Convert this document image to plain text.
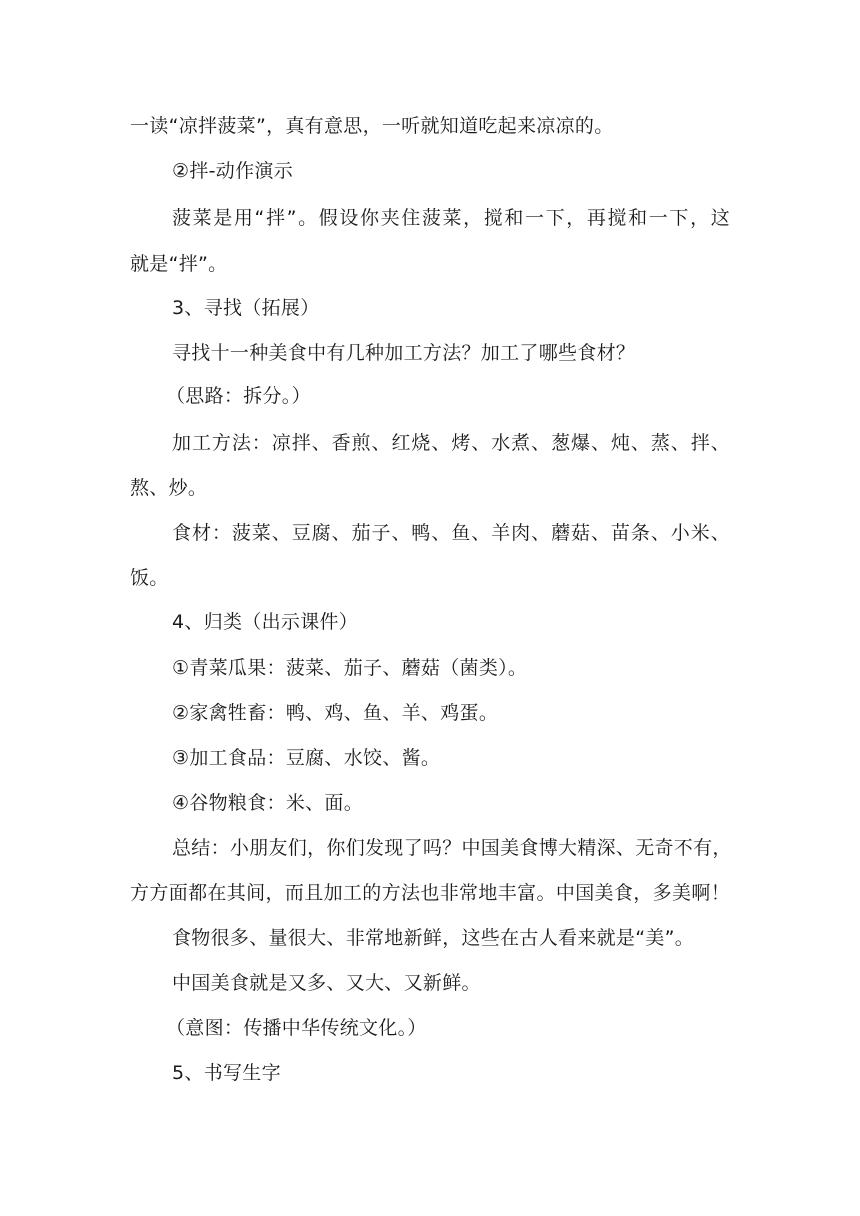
一读“凉拌菠菜”，真有意思，一听就知道吃起来凉凉的。
②拌-动作演示
菠菜是用“拌”。假设你夹住菠菜，搅和一下，再搅和一下，这
就是“拌”。
3、寻找（拓展）
寻找十一种美食中有几种加工方法？加工了哪些食材？
（思路：拆分。）
加工方法：凉拌、香煎、红烧、烤、水煮、葱爆、炖、蒸、拌、
熬、炒。
食材：菠菜、豆腐、茄子、鸭、鱼、羊肉、蘑菇、苗条、小米、
饭。
4、归类（出示课件）
①青菜瓜果：菠菜、茄子、蘑菇（菌类）。
②家禽牲畜：鸭、鸡、鱼、羊、鸡蛋。
③加工食品：豆腐、水饺、酱。
④谷物粮食：米、面。
总结：小朋友们，你们发现了吗？中国美食博大精深、无奇不有，
方方面都在其间，而且加工的方法也非常地丰富。中国美食，多美啊！
食物很多、量很大、非常地新鲜，这些在古人看来就是“美”。
中国美食就是又多、又大、又新鲜。
（意图：传播中华传统文化。）
5、书写生字
